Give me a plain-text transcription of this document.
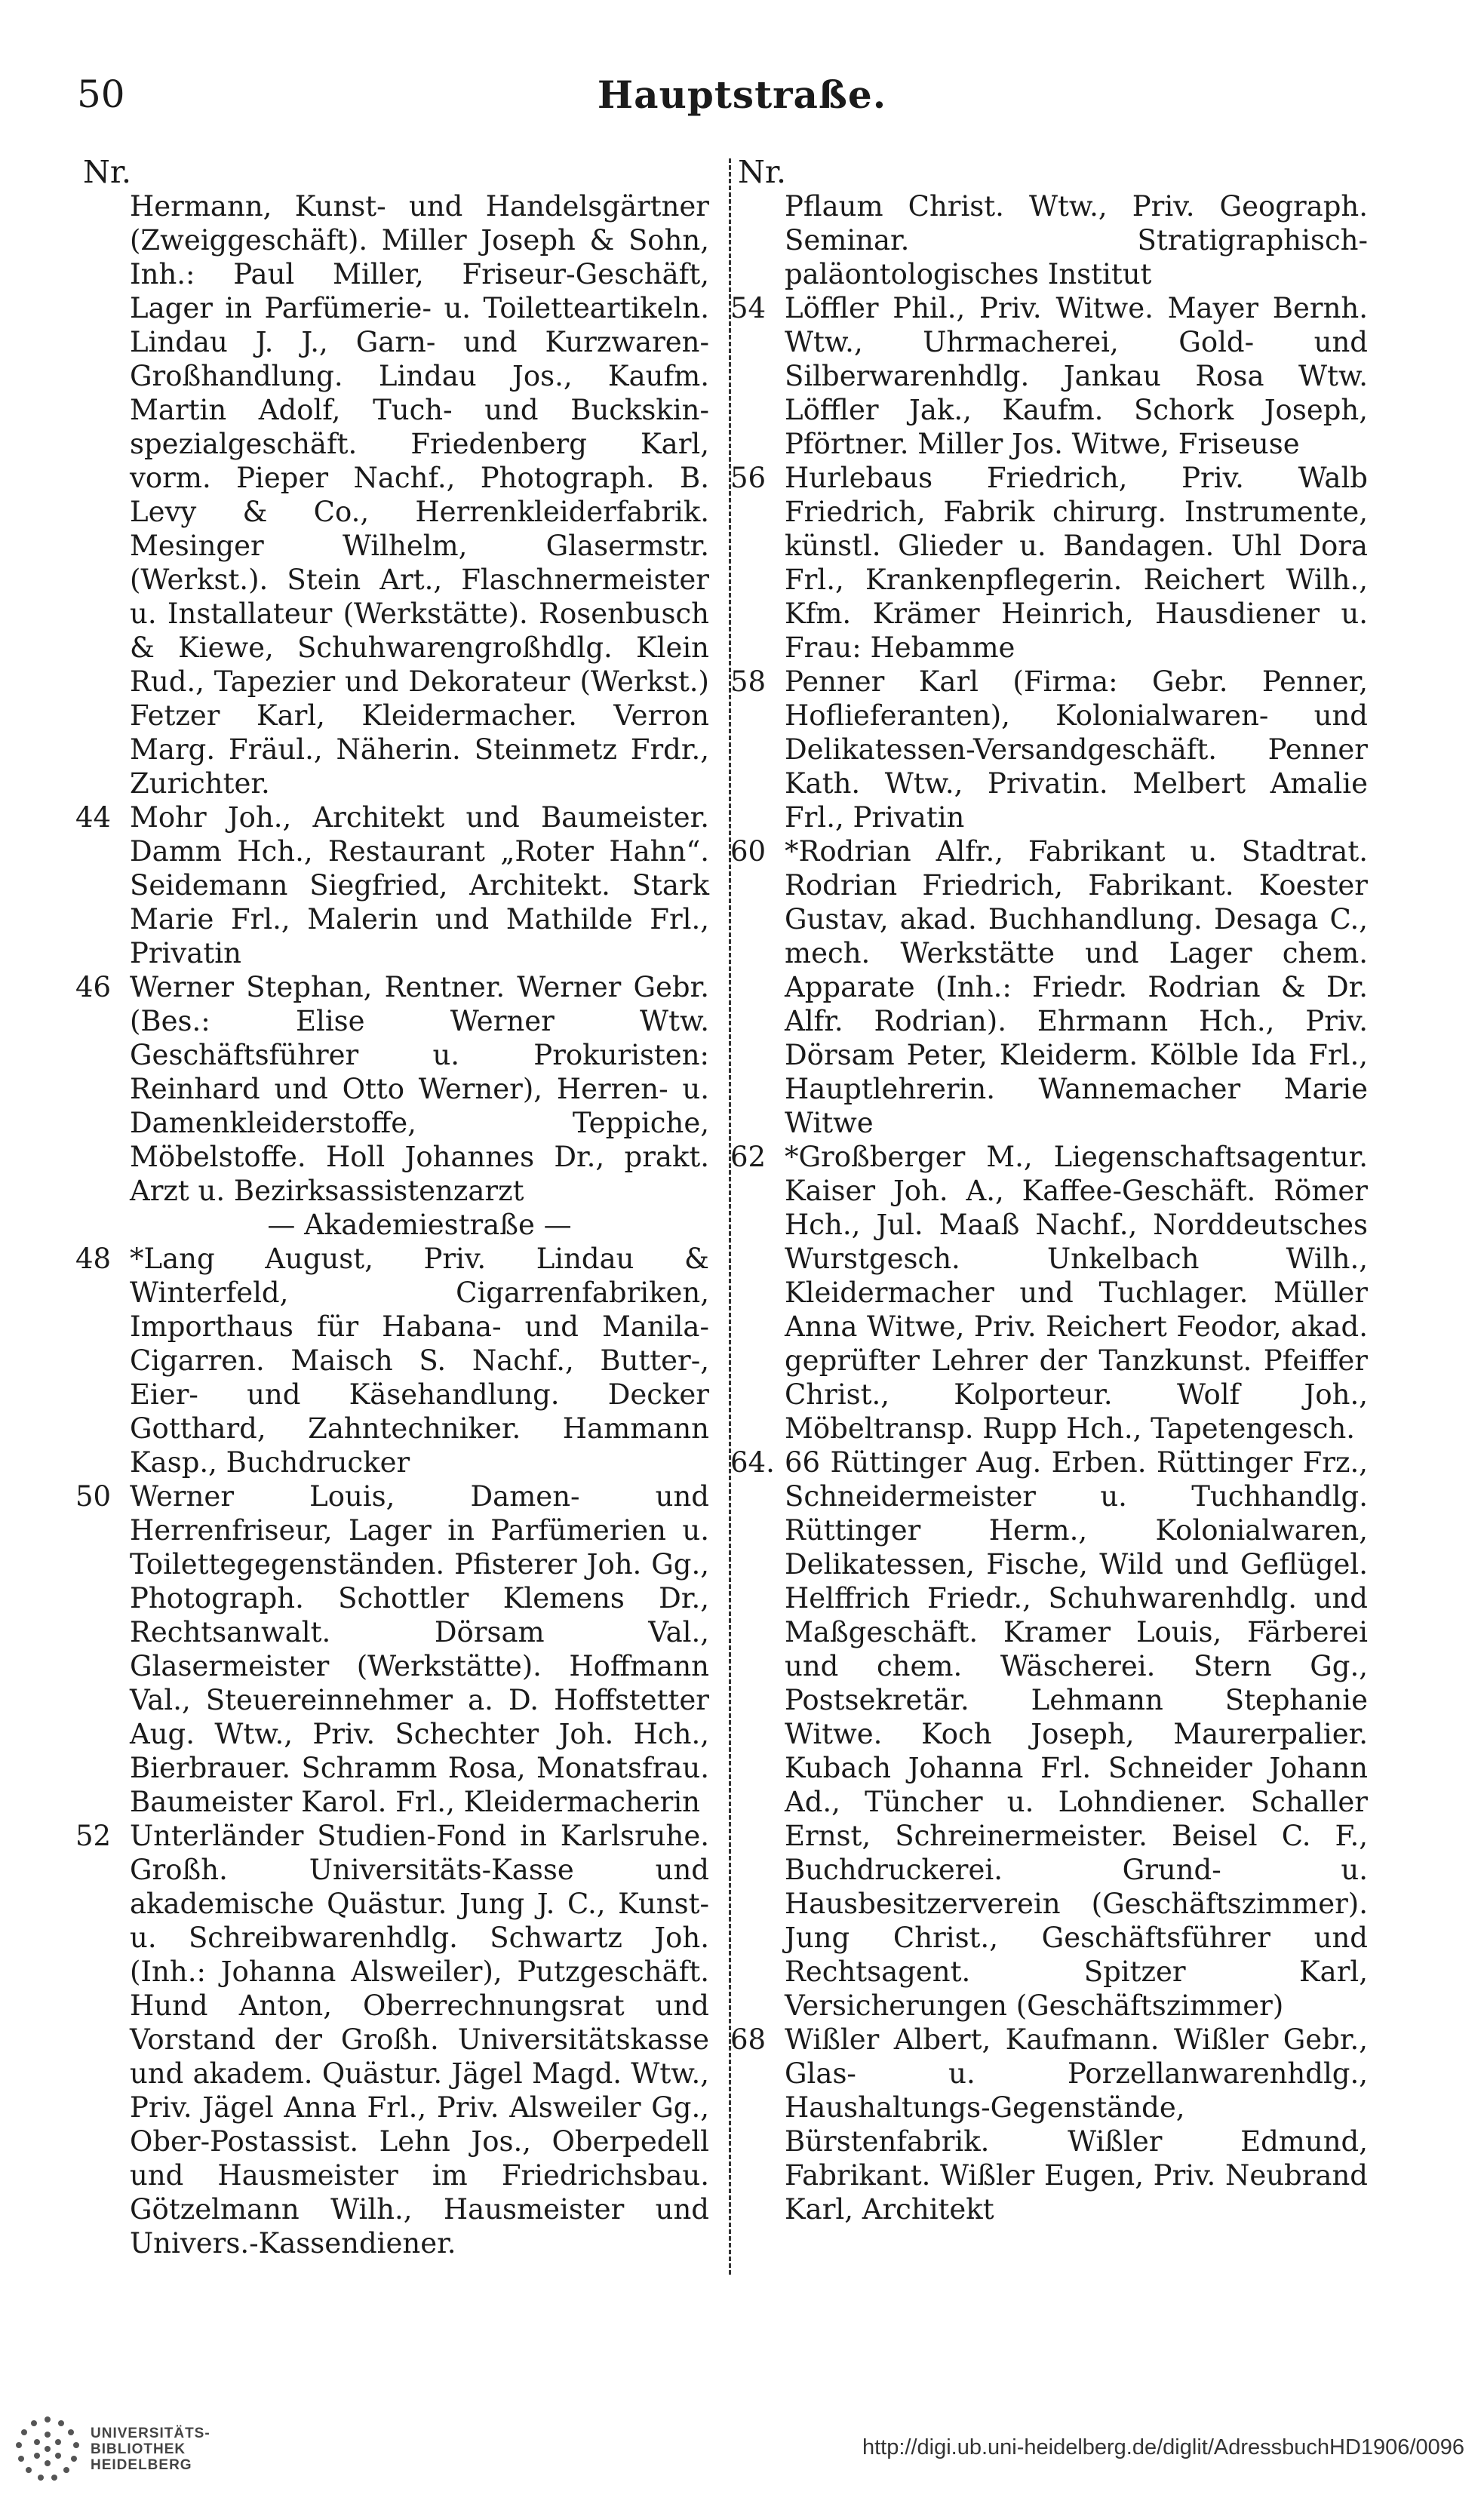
50	Hauptstraße.
Nr.
Hermann, Kunst- und Handelsgärtner (Zweiggeschäft). Miller Joseph & Sohn, Inh.: Paul Miller, Friseur-Geschäft, Lager in Parfümerie- u. Toiletteartikeln. Lindau J. J., Garn- und Kurzwaren-Großhandlung. Lindau Jos., Kaufm. Martin Adolf, Tuch- und Buckskin-spezialgeschäft. Friedenberg Karl, vorm. Pieper Nachf., Photograph. B. Levy & Co., Herrenkleiderfabrik. Mesinger Wilhelm, Glasermstr. (Werkst.). Stein Art., Flaschnermeister u. Installateur (Werkstätte). Rosenbusch & Kiewe, Schuhwarengroßhdlg. Klein Rud., Tapezier und Dekorateur (Werkst.) Fetzer Karl, Kleidermacher. Verron Marg. Fräul., Näherin. Steinmetz Frdr., Zurichter.
44 Mohr Joh., Architekt und Baumeister. Damm Hch., Restaurant „Roter Hahn“. Seidemann Siegfried, Architekt. Stark Marie Frl., Malerin und Mathilde Frl., Privatin
46 Werner Stephan, Rentner. Werner Gebr. (Bes.: Elise Werner Wtw. Geschäftsführer u. Prokuristen: Reinhard und Otto Werner), Herren- u. Damenkleiderstoffe, Teppiche, Möbelstoffe. Holl Johannes Dr., prakt. Arzt u. Bezirksassistenzarzt
— Akademiestraße —
48 *Lang August, Priv. Lindau & Winterfeld, Cigarrenfabriken, Importhaus für Habana- und Manila-Cigarren. Maisch S. Nachf., Butter-, Eier- und Käsehandlung. Decker Gotthard, Zahntechniker. Hammann Kasp., Buchdrucker
50 Werner Louis, Damen- und Herrenfriseur, Lager in Parfümerien u. Toilettegegenständen. Pfisterer Joh. Gg., Photograph. Schottler Klemens Dr., Rechtsanwalt. Dörsam Val., Glasermeister (Werkstätte). Hoffmann Val., Steuereinnehmer a. D. Hoffstetter Aug. Wtw., Priv. Schechter Joh. Hch., Bierbrauer. Schramm Rosa, Monatsfrau. Baumeister Karol. Frl., Kleidermacherin
52 Unterländer Studien-Fond in Karlsruhe. Großh. Universitäts-Kasse und akademische Quästur. Jung J. C., Kunst- u. Schreibwarenhdlg. Schwartz Joh. (Inh.: Johanna Alsweiler), Putzgeschäft. Hund Anton, Oberrechnungsrat und Vorstand der Großh. Universitätskasse und akadem. Quästur. Jägel Magd. Wtw., Priv. Jägel Anna Frl., Priv. Alsweiler Gg., Ober-Postassist. Lehn Jos., Oberpedell und Hausmeister im Friedrichsbau. Götzelmann Wilh., Hausmeister und Univers.-Kassendiener.
Nr.
Pflaum Christ. Wtw., Priv. Geograph. Seminar. Stratigraphisch-paläontologisches Institut
54 Löffler Phil., Priv. Witwe. Mayer Bernh. Wtw., Uhrmacherei, Gold- und Silberwarenhdlg. Jankau Rosa Wtw. Löffler Jak., Kaufm. Schork Joseph, Pförtner. Miller Jos. Witwe, Friseuse
56 Hurlebaus Friedrich, Priv. Walb Friedrich, Fabrik chirurg. Instrumente, künstl. Glieder u. Bandagen. Uhl Dora Frl., Krankenpflegerin. Reichert Wilh., Kfm. Krämer Heinrich, Hausdiener u. Frau: Hebamme
58 Penner Karl (Firma: Gebr. Penner, Hoflieferanten), Kolonialwaren- und Delikatessen-Versandgeschäft. Penner Kath. Wtw., Privatin. Melbert Amalie Frl., Privatin
60 *Rodrian Alfr., Fabrikant u. Stadtrat. Rodrian Friedrich, Fabrikant. Koester Gustav, akad. Buchhandlung. Desaga C., mech. Werkstätte und Lager chem. Apparate (Inh.: Friedr. Rodrian & Dr. Alfr. Rodrian). Ehrmann Hch., Priv. Dörsam Peter, Kleiderm. Kölble Ida Frl., Hauptlehrerin. Wannemacher Marie Witwe
62 *Großberger M., Liegenschaftsagentur. Kaiser Joh. A., Kaffee-Geschäft. Römer Hch., Jul. Maaß Nachf., Norddeutsches Wurstgesch. Unkelbach Wilh., Kleidermacher und Tuchlager. Müller Anna Witwe, Priv. Reichert Feodor, akad. geprüfter Lehrer der Tanzkunst. Pfeiffer Christ., Kolporteur. Wolf Joh., Möbeltransp. Rupp Hch., Tapetengesch.
64. 66 Rüttinger Aug. Erben. Rüttinger Frz., Schneidermeister u. Tuchhandlg. Rüttinger Herm., Kolonialwaren, Delikatessen, Fische, Wild und Geflügel. Helffrich Friedr., Schuhwarenhdlg. und Maßgeschäft. Kramer Louis, Färberei und chem. Wäscherei. Stern Gg., Postsekretär. Lehmann Stephanie Witwe. Koch Joseph, Maurerpalier. Kubach Johanna Frl. Schneider Johann Ad., Tüncher u. Lohndiener. Schaller Ernst, Schreinermeister. Beisel C. F., Buchdruckerei. Grund- u. Hausbesitzerverein (Geschäftszimmer). Jung Christ., Geschäftsführer und Rechtsagent. Spitzer Karl, Versicherungen (Geschäftszimmer)
68 Wißler Albert, Kaufmann. Wißler Gebr., Glas- u. Porzellanwarenhdlg., Haushaltungs-Gegenstände, Bürstenfabrik. Wißler Edmund, Fabrikant. Wißler Eugen, Priv. Neubrand Karl, Architekt
UNIVERSITÄTS-
BIBLIOTHEK
HEIDELBERG
http://digi.ub.uni-heidelberg.de/diglit/AdressbuchHD1906/0096
